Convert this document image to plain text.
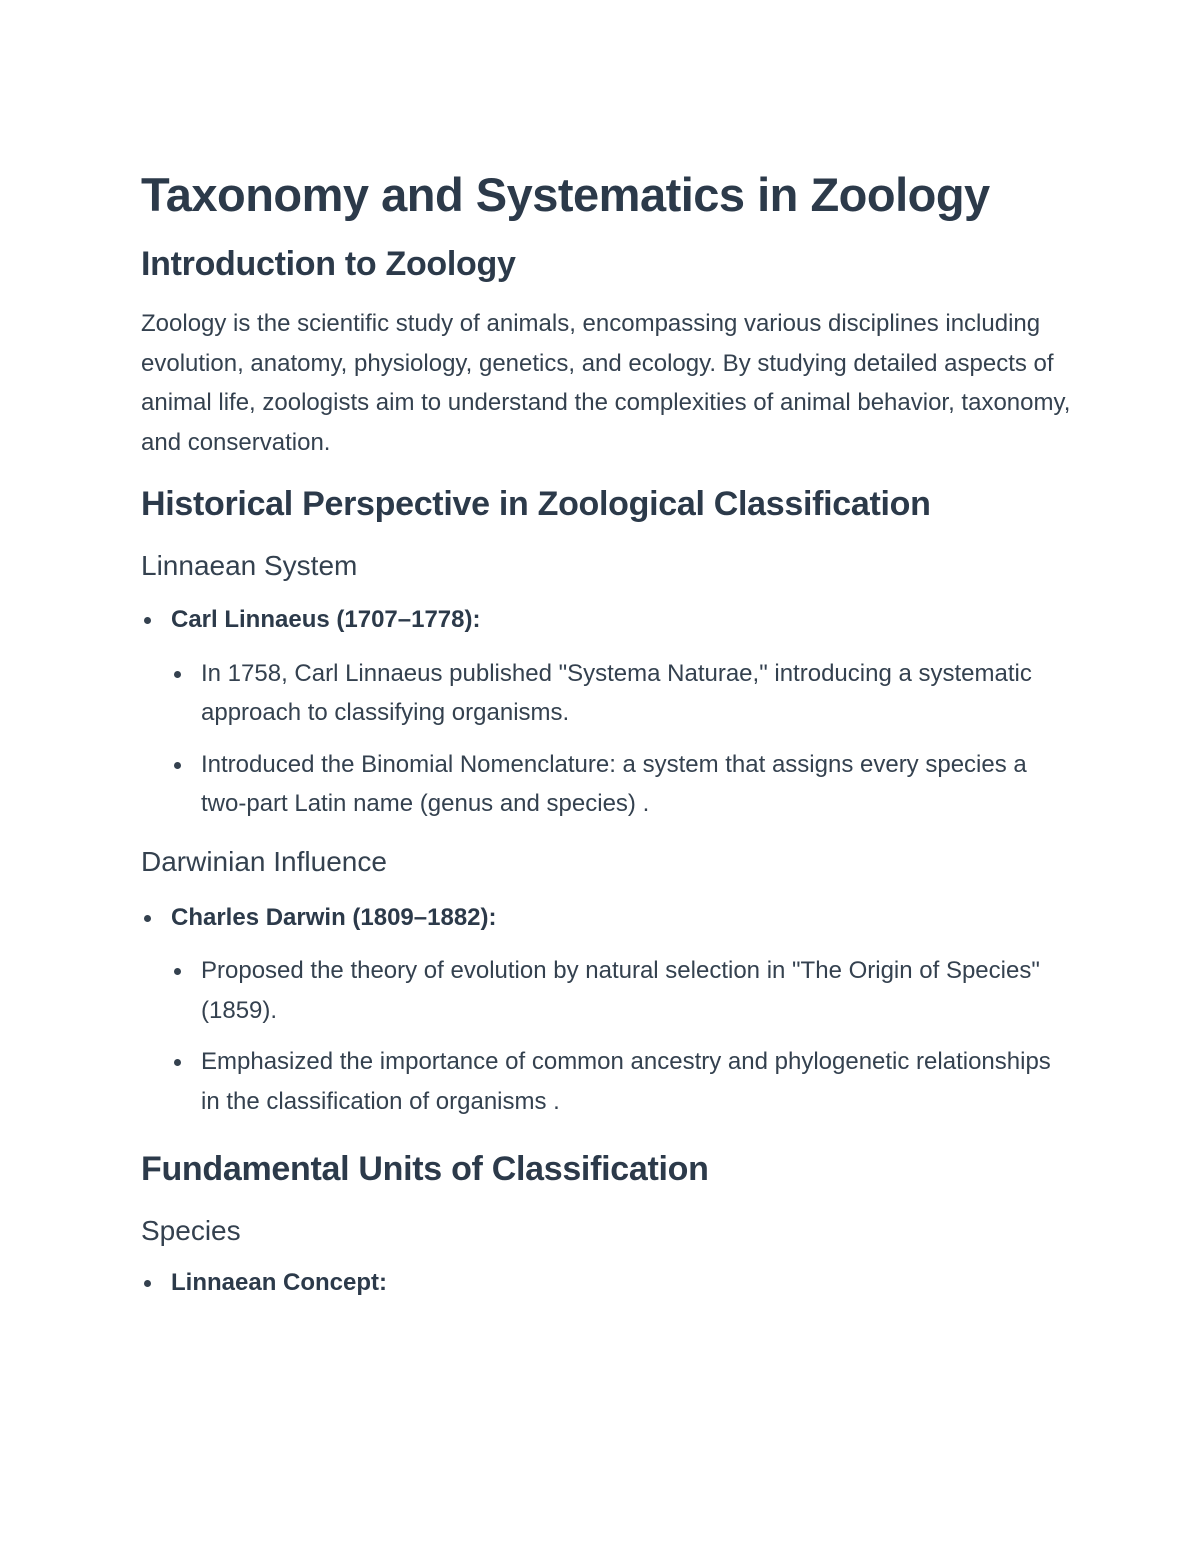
Taxonomy and Systematics in Zoology
Introduction to Zoology

Zoology is the scientific study of animals, encompassing various disciplines including evolution, anatomy, physiology, genetics, and ecology. By studying detailed aspects of animal life, zoologists aim to understand the complexities of animal behavior, taxonomy, and conservation.

Historical Perspective in Zoological Classification
Linnaean System
Carl Linnaeus (1707–1778):
In 1758, Carl Linnaeus published "Systema Naturae," introducing a systematic approach to classifying organisms.
Introduced the Binomial Nomenclature: a system that assigns every species a two-part Latin name (genus and species) .
Darwinian Influence
Charles Darwin (1809–1882):
Proposed the theory of evolution by natural selection in "The Origin of Species" (1859).
Emphasized the importance of common ancestry and phylogenetic relationships in the classification of organisms .
Fundamental Units of Classification
Species
Linnaean Concept:
